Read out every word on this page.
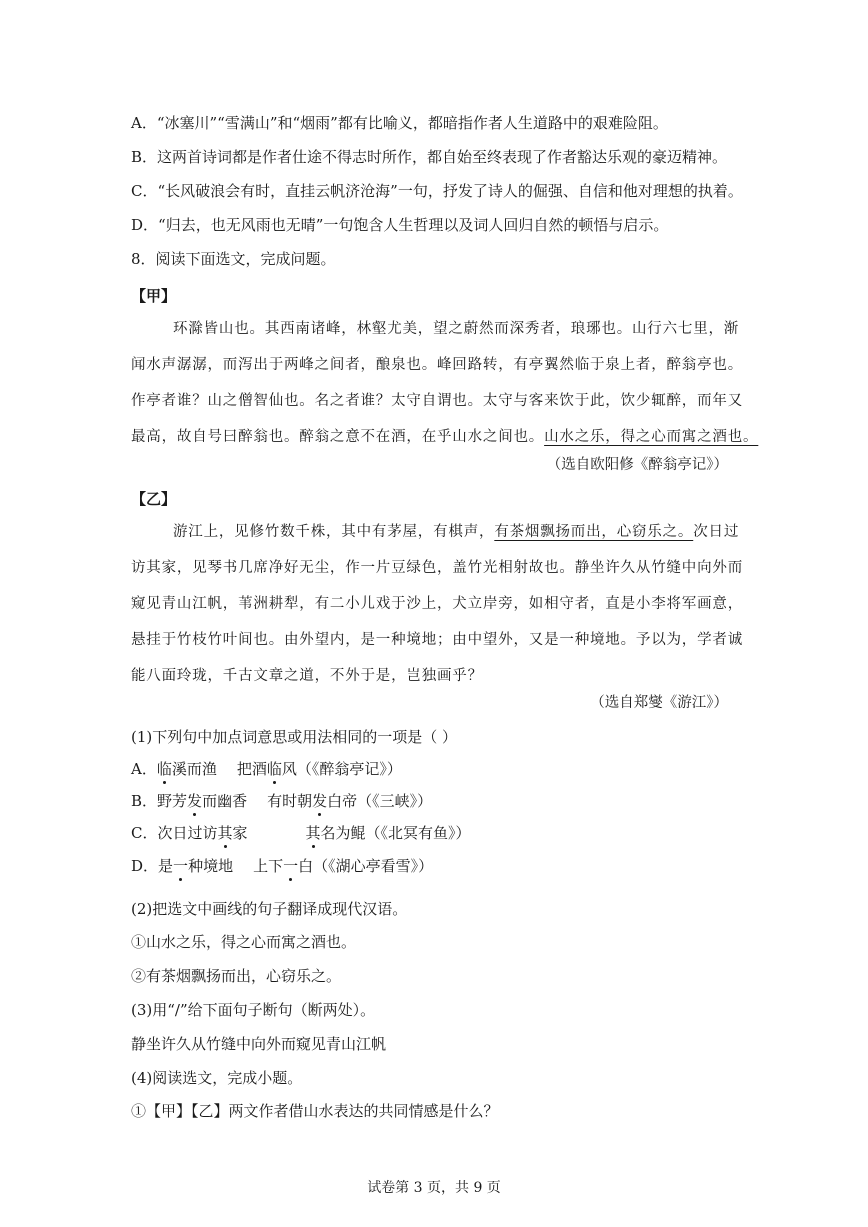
A．“冰塞川”“雪满山”和“烟雨”都有比喻义，都暗指作者人生道路中的艰难险阻。
B．这两首诗词都是作者仕途不得志时所作，都自始至终表现了作者豁达乐观的豪迈精神。
C．“长风破浪会有时，直挂云帆济沧海”一句，抒发了诗人的倔强、自信和他对理想的执着。
D．“归去，也无风雨也无晴”一句饱含人生哲理以及词人回归自然的顿悟与启示。
8．阅读下面选文，完成问题。
【甲】
环滁皆山也。其西南诸峰，林壑尤美，望之蔚然而深秀者，琅琊也。山行六七里，渐
闻水声潺潺，而泻出于两峰之间者，酿泉也。峰回路转，有亭翼然临于泉上者，醉翁亭也。
作亭者谁？山之僧智仙也。名之者谁？太守自谓也。太守与客来饮于此，饮少辄醉，而年又
最高，故自号曰醉翁也。醉翁之意不在酒，在乎山水之间也。山水之乐，得之心而寓之酒也。
（选自欧阳修《醉翁亭记》）
【乙】
游江上，见修竹数千株，其中有茅屋，有棋声，有茶烟飘扬而出，心窃乐之。次日过
访其家，见琴书几席净好无尘，作一片豆绿色，盖竹光相射故也。静坐许久从竹缝中向外而
窥见青山江帆，苇洲耕犁，有二小儿戏于沙上，犬立岸旁，如相守者，直是小李将军画意，
悬挂于竹枝竹叶间也。由外望内，是一种境地；由中望外，又是一种境地。予以为，学者诚
能八面玲珑，千古文章之道，不外于是，岂独画乎？
（选自郑燮《游江》）
(1)下列句中加点词意思或用法相同的一项是（ ）
A．临溪而渔 把酒临风（《醉翁亭记》）
B．野芳发而幽香 有时朝发白帝（《三峡》）
C．次日过访其家	其名为鲲（《北冥有鱼》）
D．是一种境地 上下一白（《湖心亭看雪》）
(2)把选文中画线的句子翻译成现代汉语。
①山水之乐，得之心而寓之酒也。
②有茶烟飘扬而出，心窃乐之。
(3)用“/”给下面句子断句（断两处）。
静坐许久从竹缝中向外而窥见青山江帆
(4)阅读选文，完成小题。
①【甲】【乙】两文作者借山水表达的共同情感是什么？
试卷第 3 页，共 9 页
